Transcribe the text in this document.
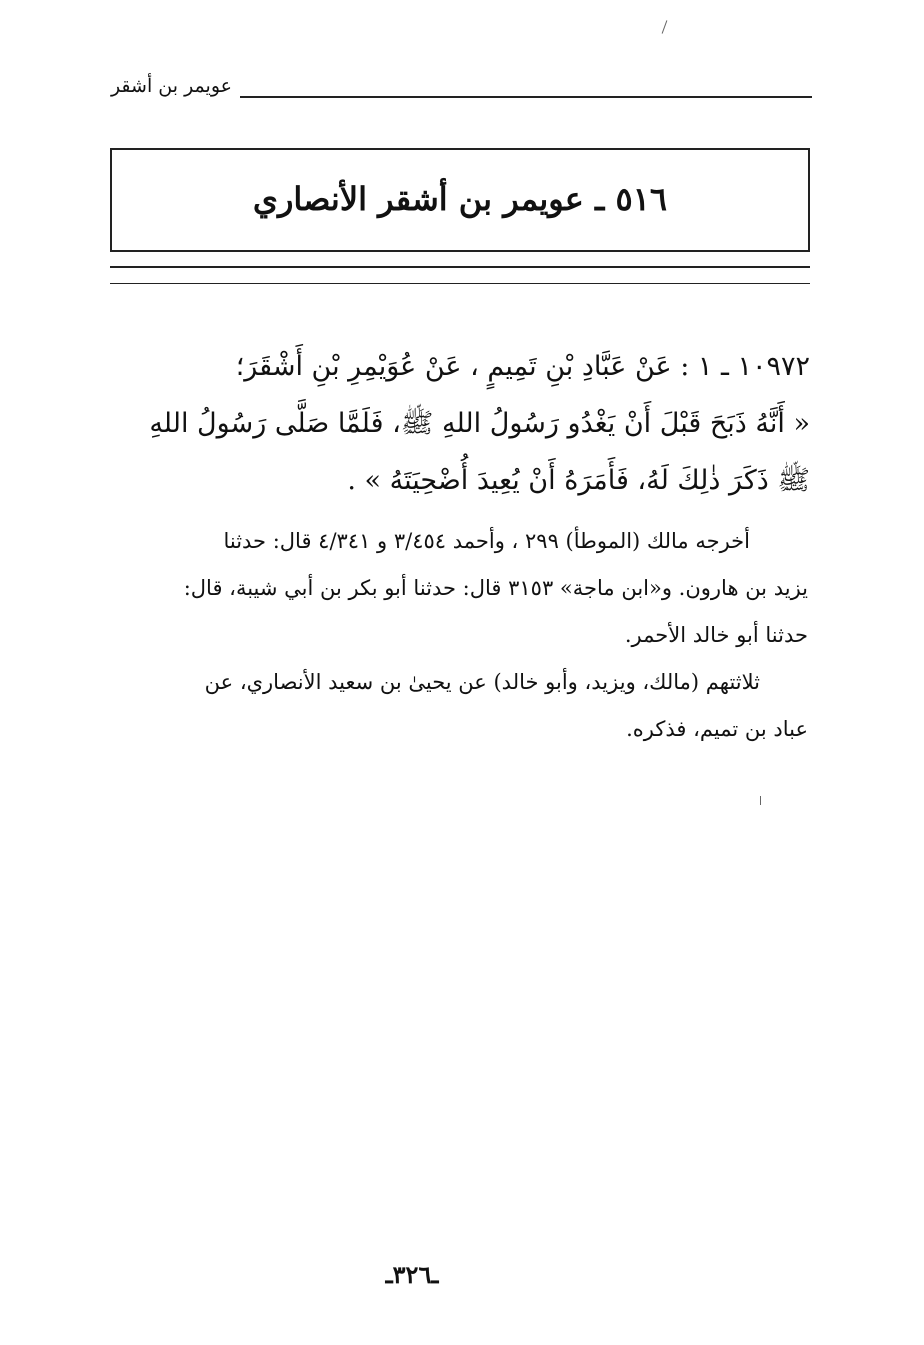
عويمر بن أشقر
٥١٦ ـ عويمر بن أشقر الأنصاري
١٠٩٧٢ ـ ١ : عَنْ عَبَّادِ بْنِ تَمِيمٍ ، عَنْ عُوَيْمِرِ بْنِ أَشْقَرَ؛
« أَنَّهُ ذَبَحَ قَبْلَ أَنْ يَغْدُو رَسُولُ اللهِ ﷺ، فَلَمَّا صَلَّى رَسُولُ اللهِ
ﷺ ذَكَرَ ذٰلِكَ لَهُ، فَأَمَرَهُ أَنْ يُعِيدَ أُضْحِيَتَهُ » .
أخرجه مالك (الموطأ) ٢٩٩ ، وأحمد ٣/٤٥٤ و ٤/٣٤١ قال: حدثنا
يزيد بن هارون. و«ابن ماجة» ٣١٥٣ قال: حدثنا أبو بكر بن أبي شيبة، قال:
حدثنا أبو خالد الأحمر.
ثلاثتهم (مالك، ويزيد، وأبو خالد) عن يحيىٰ بن سعيد الأنصاري، عن
عباد بن تميم، فذكره.
ـ٣٢٦ـ
